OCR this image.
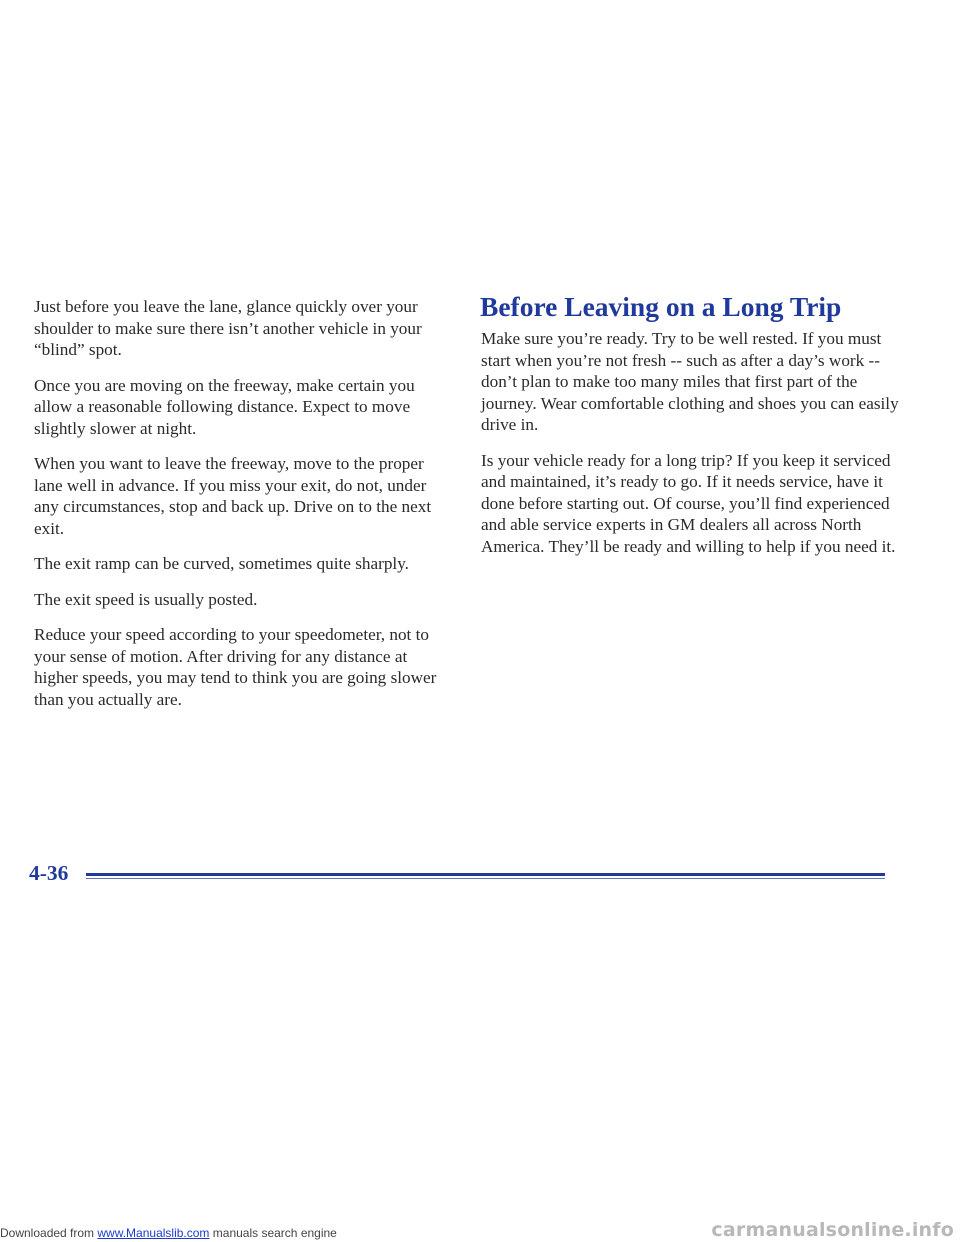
Just before you leave the lane, glance quickly over your shoulder to make sure there isn’t another vehicle in your “blind” spot.

Once you are moving on the freeway, make certain you allow a reasonable following distance. Expect to move slightly slower at night.

When you want to leave the freeway, move to the proper lane well in advance. If you miss your exit, do not, under any circumstances, stop and back up. Drive on to the next exit.

The exit ramp can be curved, sometimes quite sharply.

The exit speed is usually posted.

Reduce your speed according to your speedometer, not to your sense of motion. After driving for any distance at higher speeds, you may tend to think you are going slower than you actually are.

Before Leaving on a Long Trip

Make sure you’re ready. Try to be well rested. If you must start when you’re not fresh -- such as after a day’s work -- don’t plan to make too many miles that first part of the journey. Wear comfortable clothing and shoes you can easily drive in.

Is your vehicle ready for a long trip? If you keep it serviced and maintained, it’s ready to go. If it needs service, have it done before starting out. Of course, you’ll find experienced and able service experts in GM dealers all across North America. They’ll be ready and willing to help if you need it.

4-36
Downloaded from www.Manualslib.com manuals search engine	carmanualsonline.info
